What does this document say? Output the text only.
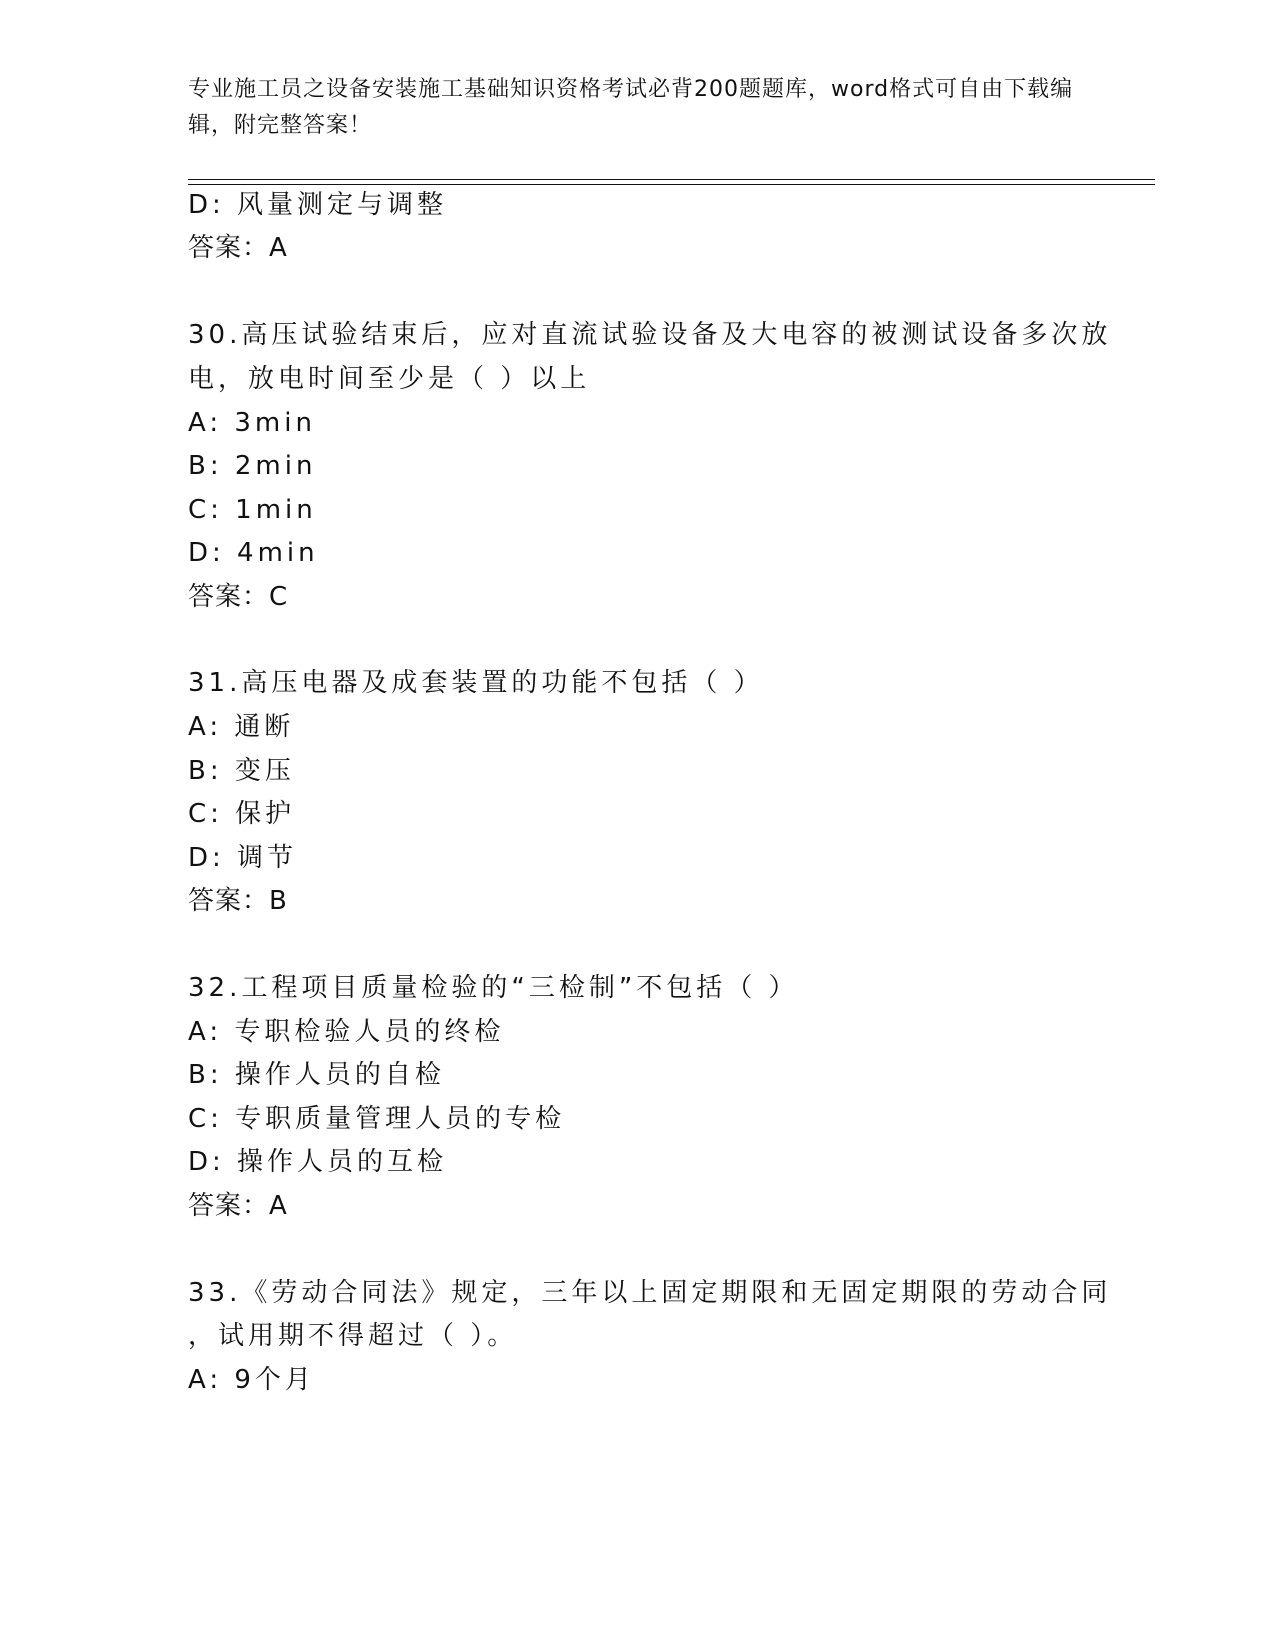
专业施工员之设备安装施工基础知识资格考试必背200题题库，word格式可自由下载编辑，附完整答案！
D: 风量测定与调整
答案：A
30.高压试验结束后，应对直流试验设备及大电容的被测试设备多次放
电，放电时间至少是（ ）以上
A: 3min
B: 2min
C: 1min
D: 4min
答案：C
31.高压电器及成套装置的功能不包括（ ）
A: 通断
B: 变压
C: 保护
D: 调节
答案：B
32.工程项目质量检验的“三检制”不包括（ ）
A: 专职检验人员的终检
B: 操作人员的自检
C: 专职质量管理人员的专检
D: 操作人员的互检
答案：A
33.《劳动合同法》规定，三年以上固定期限和无固定期限的劳动合同
，试用期不得超过（ ）。
A: 9个月
